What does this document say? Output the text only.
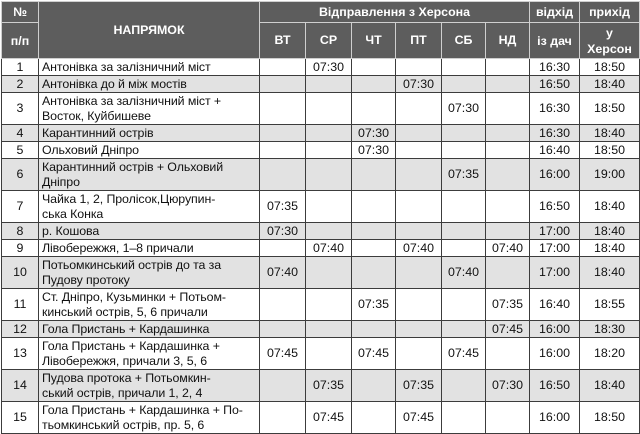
№	НАПРЯМОК	Відправлення з Херсона						відхід	прихід
п/п		ВТ	СР	ЧТ	ПТ	СБ	НД	із дач	у
Херсон
1	Антонівка за залізничний міст		07:30					16:30	18:50
2	Антонівка до й між мостів				07:30			16:50	18:40
3	Антонівка за залізничний міст +
Восток, Куйбишеве					07:30		16:30	18:50
4	Карантинний острів			07:30				16:30	18:40
5	Ольховий Дніпро			07:30				16:40	18:50
6	Карантинний острів + Ольховий
Дніпро					07:35		16:00	19:00
7	Чайка 1, 2, Пролісок,Цюрупин-
ська Конка	07:35						16:50	18:40
8	р. Кошова	07:30						17:00	18:40
9	Лівобережжя, 1–8 причали		07:40		07:40		07:40	17:00	18:40
10	Потьомкинський острів до та за
Пудову протоку	07:40				07:40		17:00	18:40
11	Ст. Дніпро, Кузьминки + Потьом-
кинський острів, 5, 6 причали			07:35			07:35	16:40	18:55
12	Гола Пристань + Кардашинка						07:45	16:00	18:30
13	Гола Пристань + Кардашинка +
Лівобережжя, причали 3, 5, 6	07:45		07:45		07:45		16:00	18:20
14	Пудова протока + Потьомкин-
ський острів, причали 1, 2, 4		07:35		07:35		07:30	16:50	18:40
15	Гола Пристань + Кардашинка + По-
тьомкинський острів, пр. 5, 6		07:45		07:45			16:00	18:50
